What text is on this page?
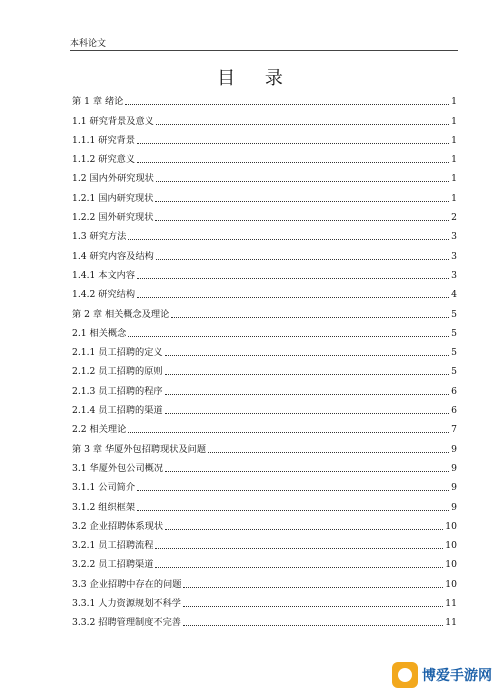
本科论文
目 录
第 1 章 绪论	1
1.1 研究背景及意义	1
1.1.1 研究背景	1
1.1.2 研究意义	1
1.2 国内外研究现状	1
1.2.1 国内研究现状	1
1.2.2 国外研究现状	2
1.3 研究方法	3
1.4 研究内容及结构	3
1.4.1 本文内容	3
1.4.2 研究结构	4
第 2 章 相关概念及理论	5
2.1 相关概念	5
2.1.1 员工招聘的定义	5
2.1.2 员工招聘的原则	5
2.1.3 员工招聘的程序	6
2.1.4 员工招聘的渠道	6
2.2 相关理论	7
第 3 章 华厦外包招聘现状及问题	9
3.1 华厦外包公司概况	9
3.1.1 公司简介	9
3.1.2 组织框架	9
3.2 企业招聘体系现状	10
3.2.1 员工招聘流程	10
3.2.2 员工招聘渠道	10
3.3 企业招聘中存在的问题	10
3.3.1 人力资源规划不科学	11
3.3.2 招聘管理制度不完善	11
博爱手游网
